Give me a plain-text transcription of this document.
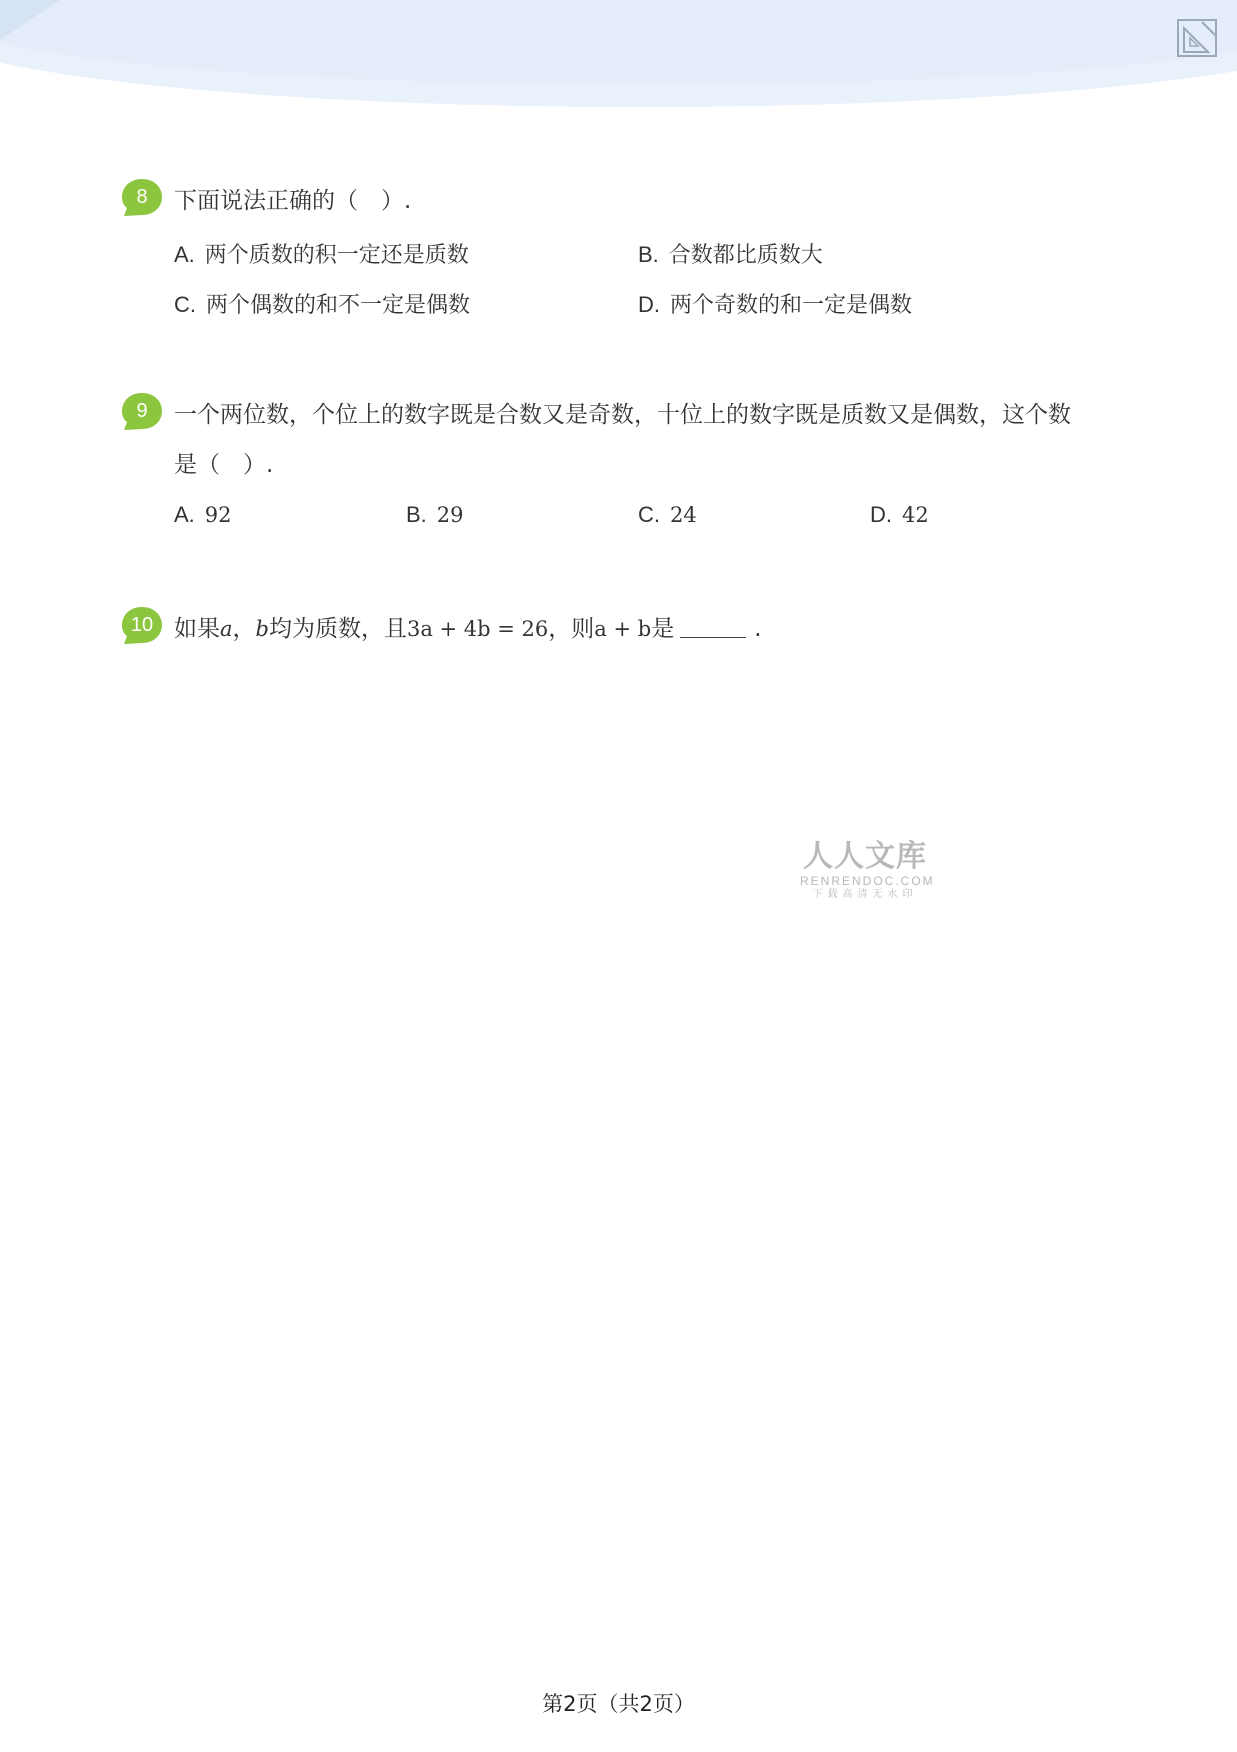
8	下面说法正确的（　）.
A. 两个质数的积一定还是质数	B. 合数都比质数大
C. 两个偶数的和不一定是偶数	D. 两个奇数的和一定是偶数
9	一个两位数，个位上的数字既是合数又是奇数，十位上的数字既是质数又是偶数，这个数
是（　）.
A. 92	B. 29	C. 24	D. 42
10 如果a，b均为质数，且3a + 4b = 26，则a + b是	.
人人文库
RENRENDOC.COM
下载高清无水印
第2页（共2页）
